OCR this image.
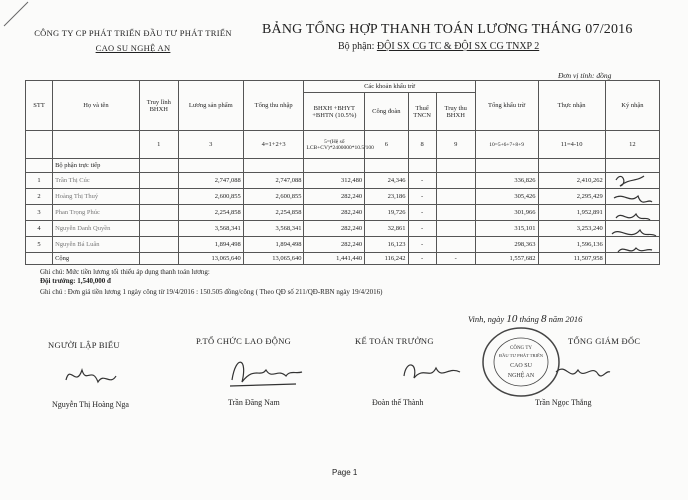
CÔNG TY CP PHÁT TRIỂN ĐẦU TƯ PHÁT TRIỂN
CAO SU NGHỆ AN
BẢNG TỔNG HỢP THANH TOÁN LƯƠNG THÁNG 07/2016
Bộ phận: ĐỘI SX CG TC & ĐỘI SX CG TNXP 2
Đơn vị tính: đồng
STT	Họ và tên	Truy lĩnh BHXH	Lương sản phẩm	Tổng thu nhập	Các khoản khấu trừ				Tổng khấu trừ	Thực nhận	Ký nhận
					BHXH +BHYT +BHTN (10.5%)	Công đoàn	Thuế TNCN	Truy thu BHXH			
		1	3	4=1+2+3	5=(Hệ số LCB+CV)*2400000*10.5/100	6	8	9	10=5+6+7+8+9	11=4-10	12
	Bộ phận trực tiếp										
1	Trần Thị Cúc		2,747,088	2,747,088	312,480	24,346	-		336,826	2,410,262	
2	Hoàng Thị Thuý		2,600,855	2,600,855	282,240	23,186	-		305,426	2,295,429	
3	Phan Trọng Phúc		2,254,858	2,254,858	282,240	19,726	-		301,966	1,952,891	
4	Nguyễn Danh Quyền		3,568,341	3,568,341	282,240	32,861	-		315,101	3,253,240	
5	Nguyễn Bá Luân		1,894,498	1,894,498	282,240	16,123	-		298,363	1,596,136	
	Cộng		13,065,640	13,065,640	1,441,440	116,242	-	-	1,557,682	11,507,958	
Ghi chú: Mức tiền lương tối thiểu áp dụng thanh toán lương:
Đội trưởng: 1,540,000 đ
Ghi chú : Đơn giá tiền lương 1 ngày công từ 19/4/2016 : 150.505 đồng/công ( Theo QĐ số 211/QĐ-RBN ngày 19/4/2016)
Vinh, ngày 10 tháng 8 năm 2016
NGƯỜI LẬP BIỂU	P.TỔ CHỨC LAO ĐỘNG	KẾ TOÁN TRƯỞNG	TỔNG GIÁM ĐỐC
CÔNG TY
ĐẦU TƯ PHÁT TRIỂN
CAO SU
NGHỆ AN
Nguyễn Thị Hoàng Nga	Trần Đăng Nam	Đoàn thế Thành	Trần Ngọc Thắng
Page 1
